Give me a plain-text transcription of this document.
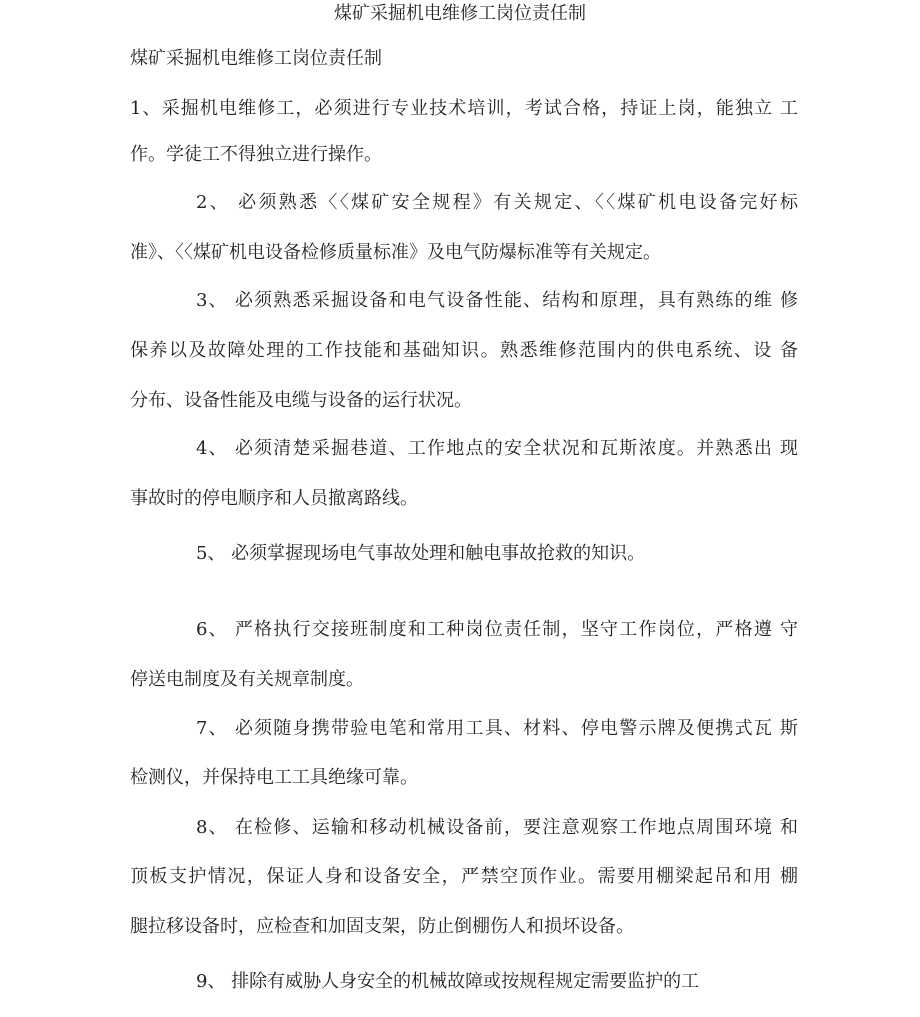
煤矿采掘机电维修工岗位责任制
煤矿采掘机电维修工岗位责任制
1、采掘机电维修工，必须进行专业技术培训，考试合格，持证上岗，能独立 工
作。学徒工不得独立进行操作。
2、 必须熟悉〈〈煤矿安全规程》有关规定、〈〈煤矿机电设备完好标
准》、〈〈煤矿机电设备检修质量标准》及电气防爆标准等有关规定。
3、 必须熟悉采掘设备和电气设备性能、结构和原理，具有熟练的维 修
保养以及故障处理的工作技能和基础知识。熟悉维修范围内的供电系统、设 备
分布、设备性能及电缆与设备的运行状况。
4、 必须清楚采掘巷道、工作地点的安全状况和瓦斯浓度。并熟悉出 现
事故时的停电顺序和人员撤离路线。
5、 必须掌握现场电气事故处理和触电事故抢救的知识。
6、 严格执行交接班制度和工种岗位责任制，坚守工作岗位，严格遵 守
停送电制度及有关规章制度。
7、 必须随身携带验电笔和常用工具、材料、停电警示牌及便携式瓦 斯
检测仪，并保持电工工具绝缘可靠。
8、 在检修、运输和移动机械设备前，要注意观察工作地点周围环境 和
顶板支护情况，保证人身和设备安全，严禁空顶作业。需要用棚梁起吊和用 棚
腿拉移设备时，应检查和加固支架，防止倒棚伤人和损坏设备。
9、 排除有威胁人身安全的机械故障或按规程规定需要监护的工
